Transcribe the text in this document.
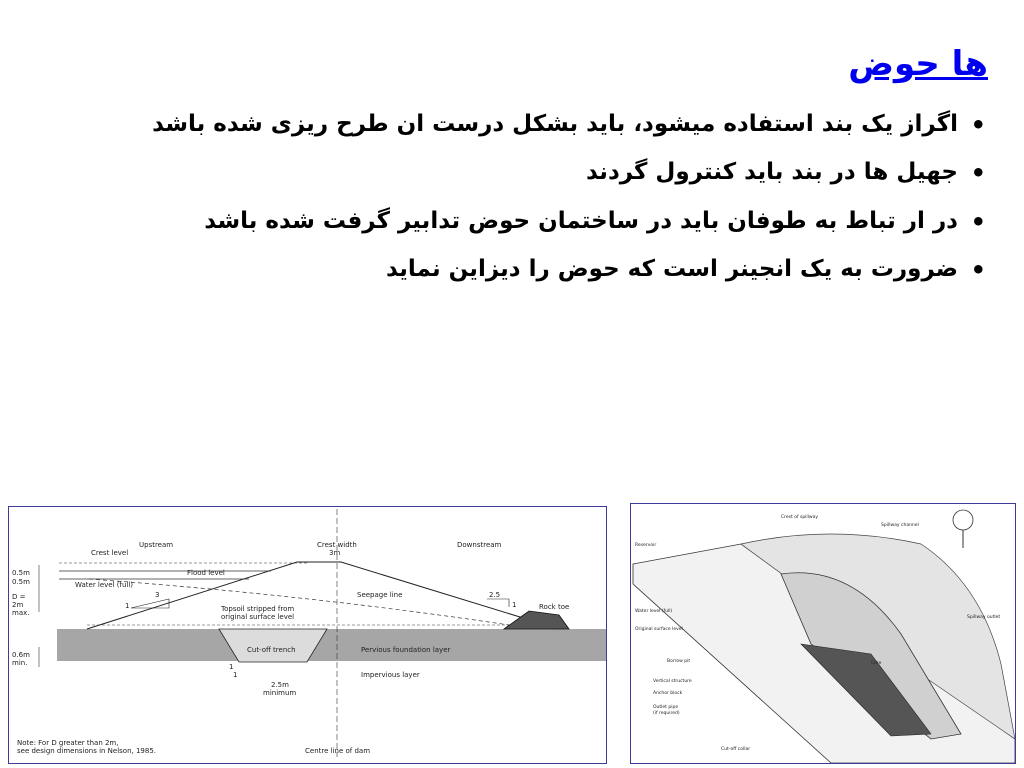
ها حوض
• اگراز یک بند استفاده میشود، باید بشکل درست ان طرح ریزی شده باشد
• جهیل ها در بند باید کنترول گردند
• در ار تباط به طوفان باید در ساختمان حوض تدابیر گرفت شده باشد
• ضرورت به یک انجینر است که حوض را دیزاین نماید
Upstream	Crest width
3m
Downstream
Crest level
Flood level
Water level (full)
0.5m
0.5m
D =
2m
max.
3
1
Seepage line	2.5
1	Rock toe
Topsoil stripped from
original surface level
0.6m
min.
Cut-off trench	Pervious foundation layer
Impervious layer
1
1
2.5m
minimum
Note: For D greater than 2m,
see design dimensions in Nelson, 1985.	Centre line of dam
Reservoir
Crest of spillway
Spillway channel
Water level (full)
Original surface level
Borrow pit
Vertical structure
Anchor block
Outlet pipe
(if required)
Core
Cut-off collar
Spillway outlet
